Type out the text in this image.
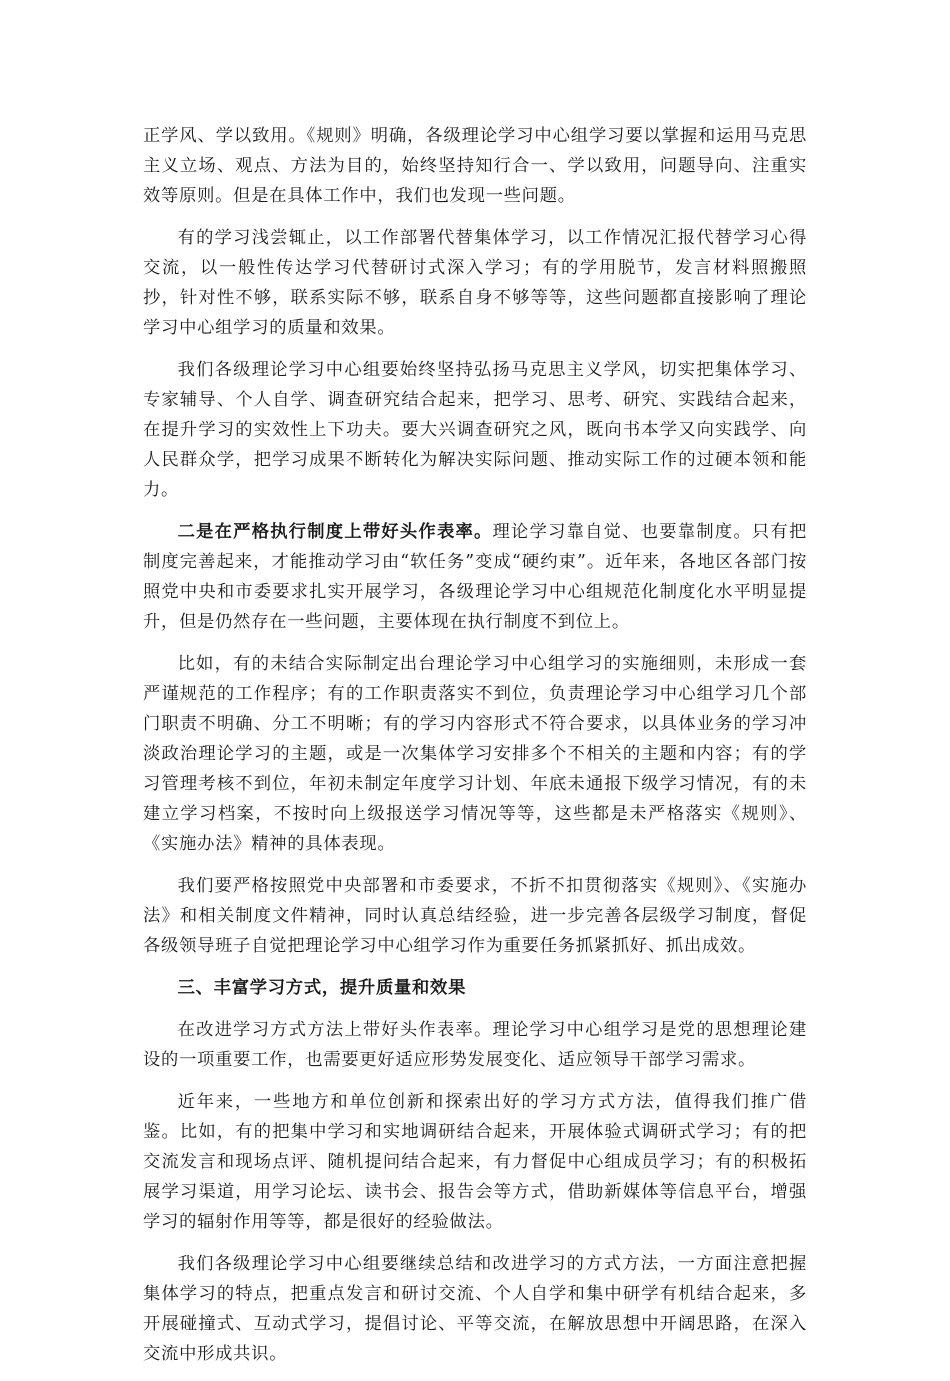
正学风、学以致用。《规则》明确，各级理论学习中心组学习要以掌握和运用马克思主义立场、观点、方法为目的，始终坚持知行合一、学以致用，问题导向、注重实效等原则。但是在具体工作中，我们也发现一些问题。

有的学习浅尝辄止，以工作部署代替集体学习，以工作情况汇报代替学习心得交流，以一般性传达学习代替研讨式深入学习；有的学用脱节，发言材料照搬照抄，针对性不够，联系实际不够，联系自身不够等等，这些问题都直接影响了理论学习中心组学习的质量和效果。

我们各级理论学习中心组要始终坚持弘扬马克思主义学风，切实把集体学习、专家辅导、个人自学、调查研究结合起来，把学习、思考、研究、实践结合起来，在提升学习的实效性上下功夫。要大兴调查研究之风，既向书本学又向实践学、向人民群众学，把学习成果不断转化为解决实际问题、推动实际工作的过硬本领和能力。

二是在严格执行制度上带好头作表率。理论学习靠自觉、也要靠制度。只有把制度完善起来，才能推动学习由“软任务”变成“硬约束”。近年来，各地区各部门按照党中央和市委要求扎实开展学习，各级理论学习中心组规范化制度化水平明显提升，但是仍然存在一些问题，主要体现在执行制度不到位上。

比如，有的未结合实际制定出台理论学习中心组学习的实施细则，未形成一套严谨规范的工作程序；有的工作职责落实不到位，负责理论学习中心组学习几个部门职责不明确、分工不明晰；有的学习内容形式不符合要求，以具体业务的学习冲淡政治理论学习的主题，或是一次集体学习安排多个不相关的主题和内容；有的学习管理考核不到位，年初未制定年度学习计划、年底未通报下级学习情况，有的未建立学习档案，不按时向上级报送学习情况等等，这些都是未严格落实《规则》、《实施办法》精神的具体表现。

我们要严格按照党中央部署和市委要求，不折不扣贯彻落实《规则》、《实施办法》和相关制度文件精神，同时认真总结经验，进一步完善各层级学习制度，督促各级领导班子自觉把理论学习中心组学习作为重要任务抓紧抓好、抓出成效。

三、丰富学习方式，提升质量和效果

在改进学习方式方法上带好头作表率。理论学习中心组学习是党的思想理论建设的一项重要工作，也需要更好适应形势发展变化、适应领导干部学习需求。

近年来，一些地方和单位创新和探索出好的学习方式方法，值得我们推广借鉴。比如，有的把集中学习和实地调研结合起来，开展体验式调研式学习；有的把交流发言和现场点评、随机提问结合起来，有力督促中心组成员学习；有的积极拓展学习渠道，用学习论坛、读书会、报告会等方式，借助新媒体等信息平台，增强学习的辐射作用等等，都是很好的经验做法。

我们各级理论学习中心组要继续总结和改进学习的方式方法，一方面注意把握集体学习的特点，把重点发言和研讨交流、个人自学和集中研学有机结合起来，多开展碰撞式、互动式学习，提倡讨论、平等交流，在解放思想中开阔思路，在深入交流中形成共识。
